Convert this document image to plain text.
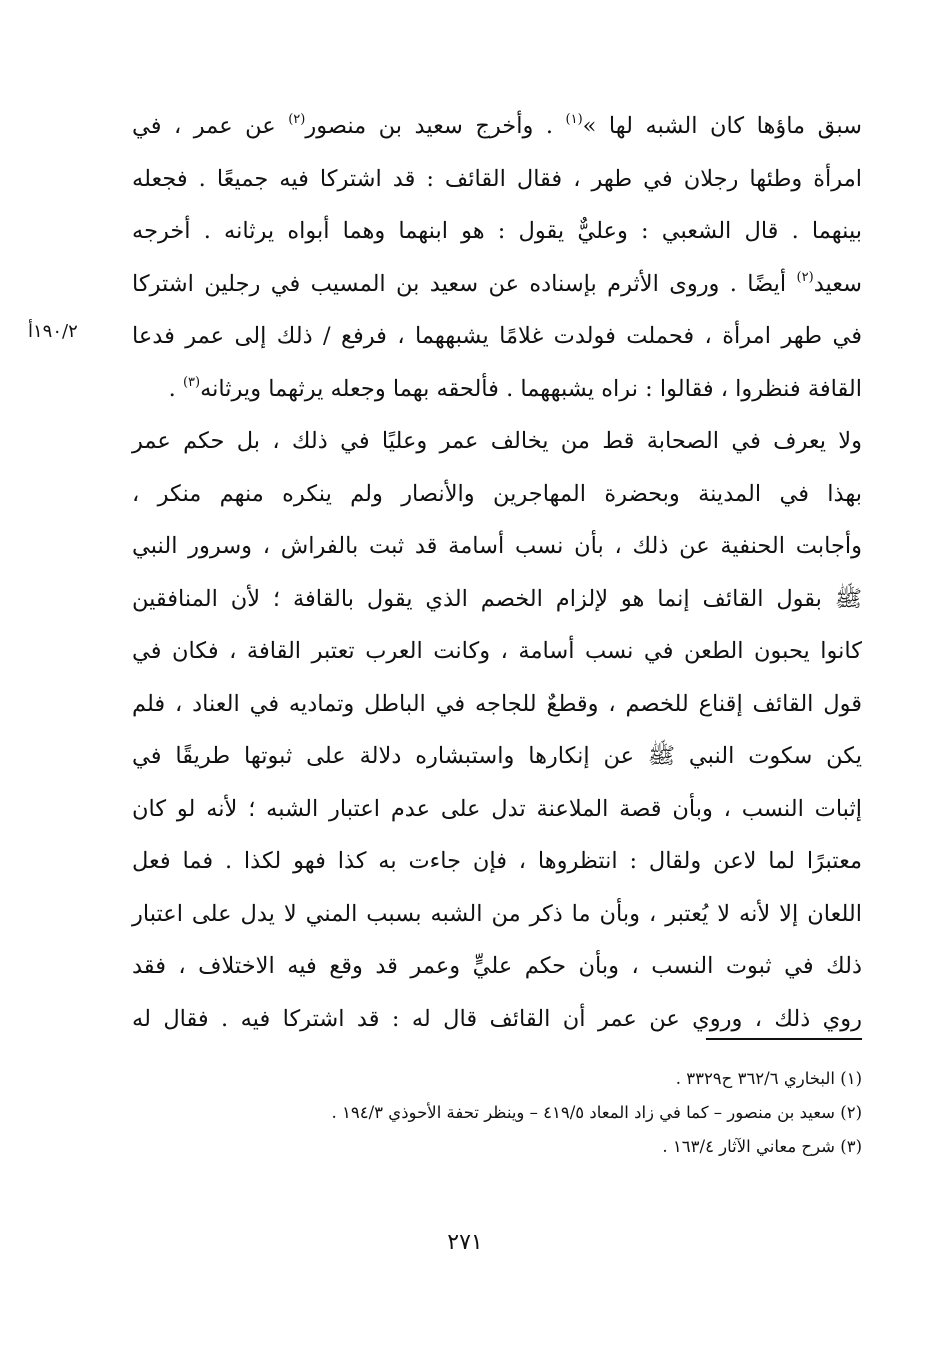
١٩٠/٢أ
سبق ماؤها كان الشبه لها »$^{(١)}$ . وأخرج سعيد بن منصور$^{(٢)}$ عن عمر ، في
امرأة وطئها رجلان في طهر ، فقال القائف : قد اشتركا فيه جميعًا . فجعله
بينهما . قال الشعبي : وعليٌّ يقول : هو ابنهما وهما أبواه يرثانه . أخرجه
سعيد$^{(٢)}$ أيضًا . وروى الأثرم بإسناده عن سعيد بن المسيب في رجلين اشتركا
في طهر امرأة ، فحملت فولدت غلامًا يشبههما ، فرفع / ذلك إلى عمر فدعا
القافة فنظروا ، فقالوا : نراه يشبههما . فألحقه بهما وجعله يرثهما ويرثانه$^{(٣)}$ .
ولا يعرف في الصحابة قط من يخالف عمر وعليًا في ذلك ، بل حكم عمر
بهذا في المدينة وبحضرة المهاجرين والأنصار ولم ينكره منهم منكر ،
وأجابت الحنفية عن ذلك ، بأن نسب أسامة قد ثبت بالفراش ، وسرور النبي
ﷺ بقول القائف إنما هو لإلزام الخصم الذي يقول بالقافة ؛ لأن المنافقين
كانوا يحبون الطعن في نسب أسامة ، وكانت العرب تعتبر القافة ، فكان في
قول القائف إقناع للخصم ، وقطعٌ للجاجه في الباطل وتماديه في العناد ، فلم
يكن سكوت النبي ﷺ عن إنكارها واستبشاره دلالة على ثبوتها طريقًا في
إثبات النسب ، وبأن قصة الملاعنة تدل على عدم اعتبار الشبه ؛ لأنه لو كان
معتبرًا لما لاعن ولقال : انتظروها ، فإن جاءت به كذا فهو لكذا . فما فعل
اللعان إلا لأنه لا يُعتبر ، وبأن ما ذكر من الشبه بسبب المني لا يدل على اعتبار
ذلك في ثبوت النسب ، وبأن حكم عليٍّ وعمر قد وقع فيه الاختلاف ، فقد
روي ذلك ، وروي عن عمر أن القائف قال له : قد اشتركا فيه . فقال له
(١) البخاري ٣٦٢/٦ ح٣٣٢٩ .
(٢) سعيد بن منصور – كما في زاد المعاد ٤١٩/٥ – وينظر تحفة الأحوذي ١٩٤/٣ .
(٣) شرح معاني الآثار ١٦٣/٤ .
٢٧١
